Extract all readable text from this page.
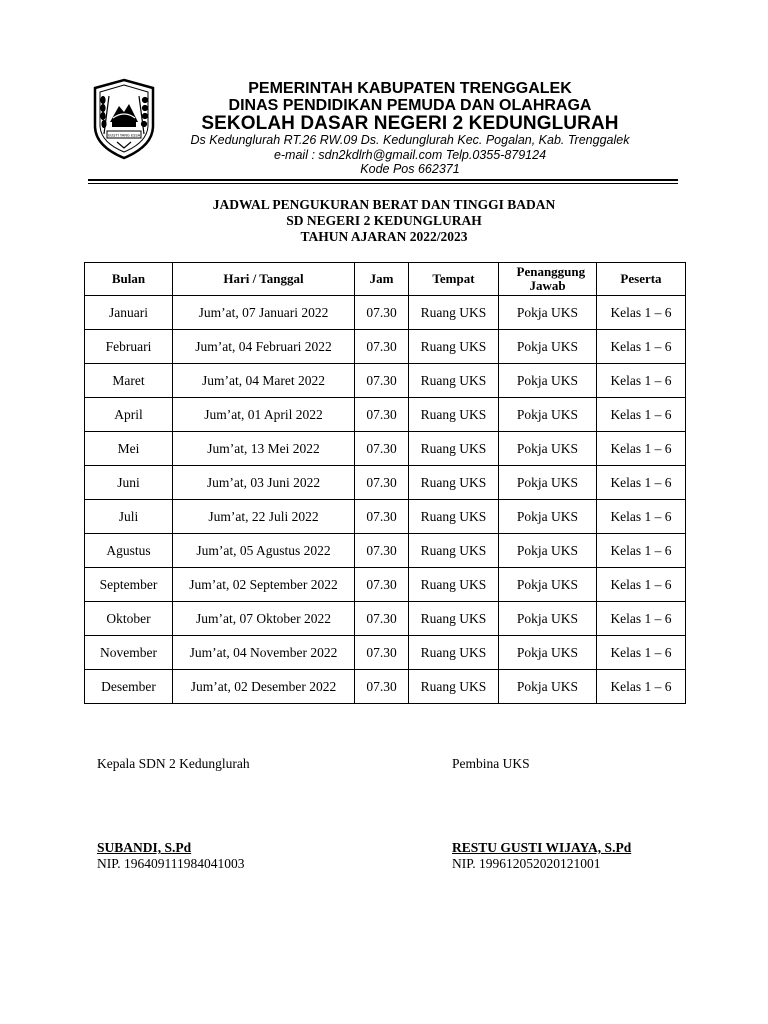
GUSTI YANG ESSA
PEMERINTAH KABUPATEN TRENGGALEK
DINAS PENDIDIKAN PEMUDA DAN OLAHRAGA
SEKOLAH DASAR NEGERI 2 KEDUNGLURAH
Ds Kedunglurah RT.26 RW.09 Ds. Kedunglurah Kec. Pogalan, Kab. Trenggalek
e-mail : sdn2kdlrh@gmail.com Telp.0355-879124
Kode Pos 662371
JADWAL PENGUKURAN BERAT DAN TINGGI BADAN
SD NEGERI 2 KEDUNGLURAH
TAHUN AJARAN 2022/2023
Bulan	Hari / Tanggal	Jam	Tempat	Penanggung Jawab	Peserta
Januari	Jum’at, 07 Januari 2022	07.30	Ruang UKS	Pokja UKS	Kelas 1 – 6
Februari	Jum’at, 04 Februari 2022	07.30	Ruang UKS	Pokja UKS	Kelas 1 – 6
Maret	Jum’at, 04 Maret 2022	07.30	Ruang UKS	Pokja UKS	Kelas 1 – 6
April	Jum’at, 01 April 2022	07.30	Ruang UKS	Pokja UKS	Kelas 1 – 6
Mei	Jum’at, 13 Mei 2022	07.30	Ruang UKS	Pokja UKS	Kelas 1 – 6
Juni	Jum’at, 03 Juni 2022	07.30	Ruang UKS	Pokja UKS	Kelas 1 – 6
Juli	Jum’at, 22 Juli 2022	07.30	Ruang UKS	Pokja UKS	Kelas 1 – 6
Agustus	Jum’at, 05 Agustus 2022	07.30	Ruang UKS	Pokja UKS	Kelas 1 – 6
September	Jum’at, 02 September 2022	07.30	Ruang UKS	Pokja UKS	Kelas 1 – 6
Oktober	Jum’at, 07 Oktober 2022	07.30	Ruang UKS	Pokja UKS	Kelas 1 – 6
November	Jum’at, 04 November 2022	07.30	Ruang UKS	Pokja UKS	Kelas 1 – 6
Desember	Jum’at, 02 Desember 2022	07.30	Ruang UKS	Pokja UKS	Kelas 1 – 6
Kepala SDN 2 Kedunglurah
SUBANDI, S.Pd
NIP. 196409111984041003
Pembina UKS
RESTU GUSTI WIJAYA, S.Pd
NIP. 199612052020121001
